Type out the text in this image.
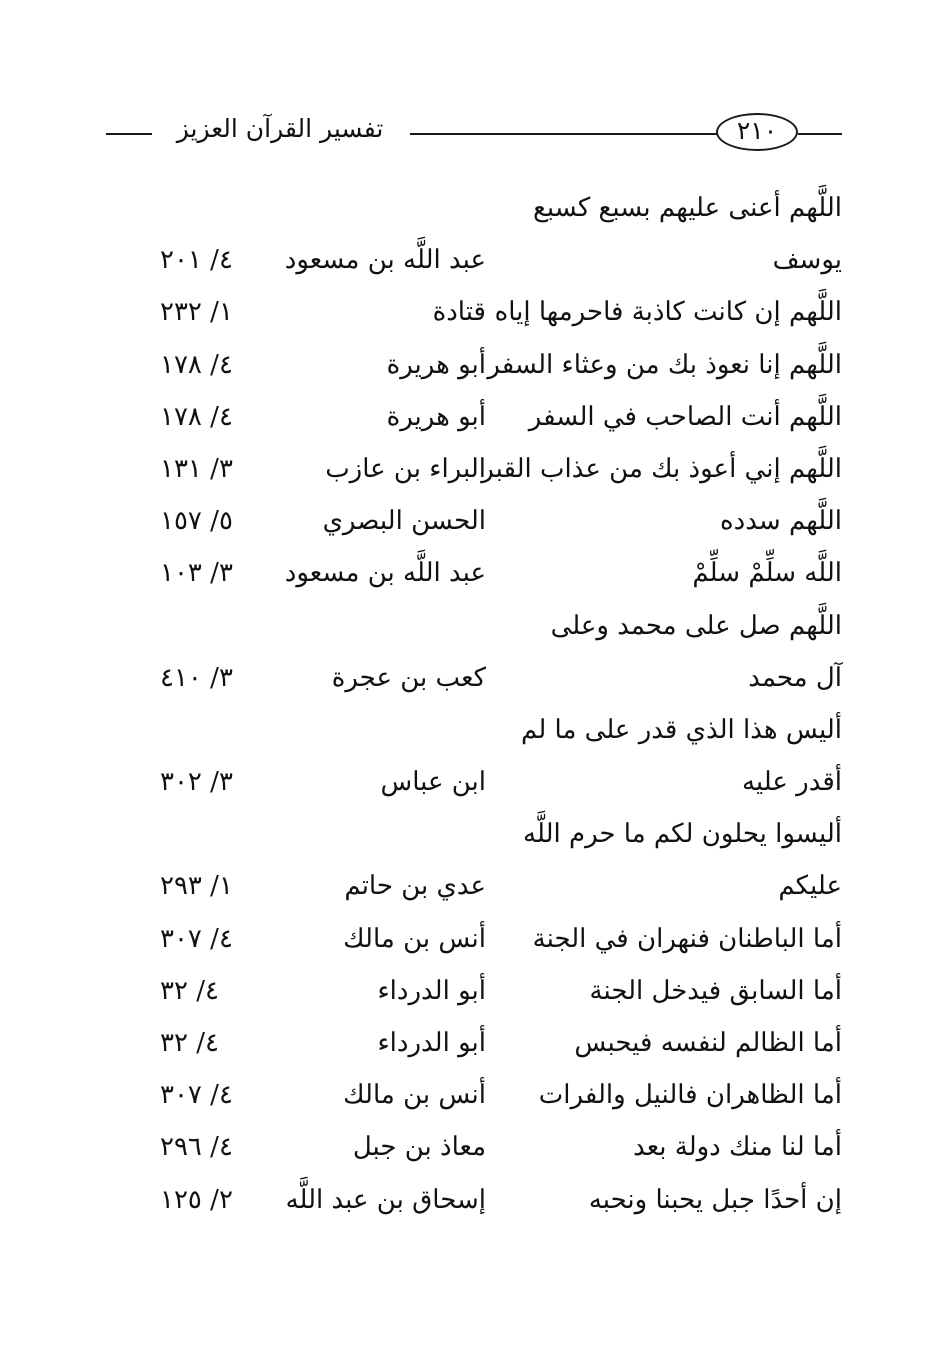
تفسير القرآن العزيز	٢١٠
اللَّهم أعنى عليهم بسبع كسبع
يوسف
عبد اللَّه بن مسعود
٤/ ٢٠١
اللَّهم إن كانت كاذبة فاحرمها إياه
قتادة
١/ ٢٣٢
اللَّهم إنا نعوذ بك من وعثاء السفر
أبو هريرة
٤/ ١٧٨
اللَّهم أنت الصاحب في السفر
أبو هريرة
٤/ ١٧٨
اللَّهم إني أعوذ بك من عذاب القبر
البراء بن عازب
٣/ ١٣١
اللَّهم سدده
الحسن البصري
٥/ ١٥٧
اللَّه سلِّمْ سلِّمْ
عبد اللَّه بن مسعود
٣/ ١٠٣
اللَّهم صل على محمد وعلى
آل محمد
كعب بن عجرة
٣/ ٤١٠
أليس هذا الذي قدر على ما لم
أقدر عليه
ابن عباس
٣/ ٣٠٢
أليسوا يحلون لكم ما حرم اللَّه
عليكم
عدي بن حاتم
١/ ٢٩٣
أما الباطنان فنهران في الجنة
أنس بن مالك
٤/ ٣٠٧
أما السابق فيدخل الجنة
أبو الدرداء
٤/ ٣٢
أما الظالم لنفسه فيحبس
أبو الدرداء
٤/ ٣٢
أما الظاهران فالنيل والفرات
أنس بن مالك
٤/ ٣٠٧
أما لنا منك دولة بعد
معاذ بن جبل
٤/ ٢٩٦
إن أحدًا جبل يحبنا ونحبه
إسحاق بن عبد اللَّه
٢/ ١٢٥
